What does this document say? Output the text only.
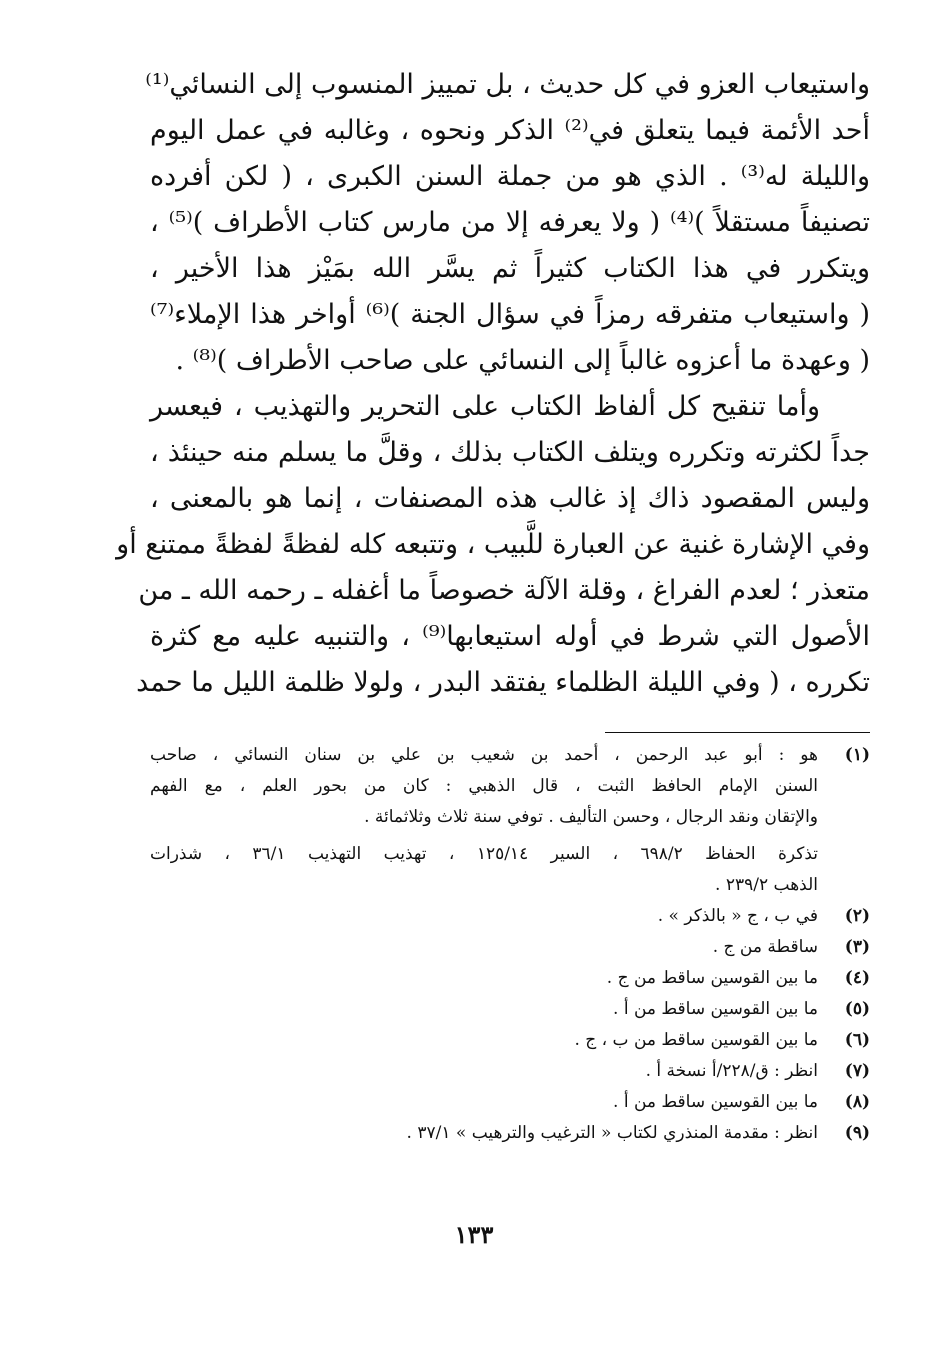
واستيعاب العزو في كل حديث ، بل تمييز المنسوب إلى النسائي⁽¹⁾
أحد الأئمة فيما يتعلق في⁽²⁾ الذكر ونحوه ، وغالبه في عمل اليوم
والليلة له⁽³⁾ . الذي هو من جملة السنن الكبرى ، ( لكن أفرده
تصنيفاً مستقلاً )⁽⁴⁾ ( ولا يعرفه إلا من مارس كتاب الأطراف )⁽⁵⁾ ،
ويتكرر في هذا الكتاب كثيراً ثم يسَّر الله بمَيْز هذا الأخير ،
( واستيعاب متفرقه رمزاً في سؤال الجنة )⁽⁶⁾ أواخر هذا الإملاء⁽⁷⁾
( وعهدة ما أعزوه غالباً إلى النسائي على صاحب الأطراف )⁽⁸⁾ .
وأما تنقيح كل ألفاظ الكتاب على التحرير والتهذيب ، فيعسر
جداً لكثرته وتكرره ويتلف الكتاب بذلك ، وقلَّ ما يسلم منه حينئذ ،
وليس المقصود ذاك إذ غالب هذه المصنفات ، إنما هو بالمعنى ،
وفي الإشارة غنية عن العبارة للَّبيب ، وتتبعه كله لفظةً لفظةً ممتنع أو
متعذر ؛ لعدم الفراغ ، وقلة الآلة خصوصاً ما أغفله ـ رحمه الله ـ من
الأصول التي شرط في أوله استيعابها⁽⁹⁾ ، والتنبيه عليه مع كثرة
تكرره ، ( وفي الليلة الظلماء يفتقد البدر ، ولولا ظلمة الليل ما حمد
(١)
هو : أبو عبد الرحمن ، أحمد بن شعيب بن علي بن سنان النسائي ، صاحب
السنن الإمام الحافظ الثبت ، قال الذهبي : كان من بحور العلم ، مع الفهم
والإتقان ونقد الرجال ، وحسن التأليف . توفي سنة ثلاث وثلاثمائة .
تذكرة الحفاظ ٦٩٨/٢ ، السير ١٢٥/١٤ ، تهذيب التهذيب ٣٦/١ ، شذرات
الذهب ٢٣٩/٢ .
(٢)
في ب ، ج « بالذكر » .
(٣)
ساقطة من ج .
(٤)
ما بين القوسين ساقط من ج .
(٥)
ما بين القوسين ساقط من أ .
(٦)
ما بين القوسين ساقط من ب ، ج .
(٧)
انظر : ق/٢٢٨/أ نسخة أ .
(٨)
ما بين القوسين ساقط من أ .
(٩)
انظر : مقدمة المنذري لكتاب « الترغيب والترهيب » ٣٧/١ .
١٣٣
